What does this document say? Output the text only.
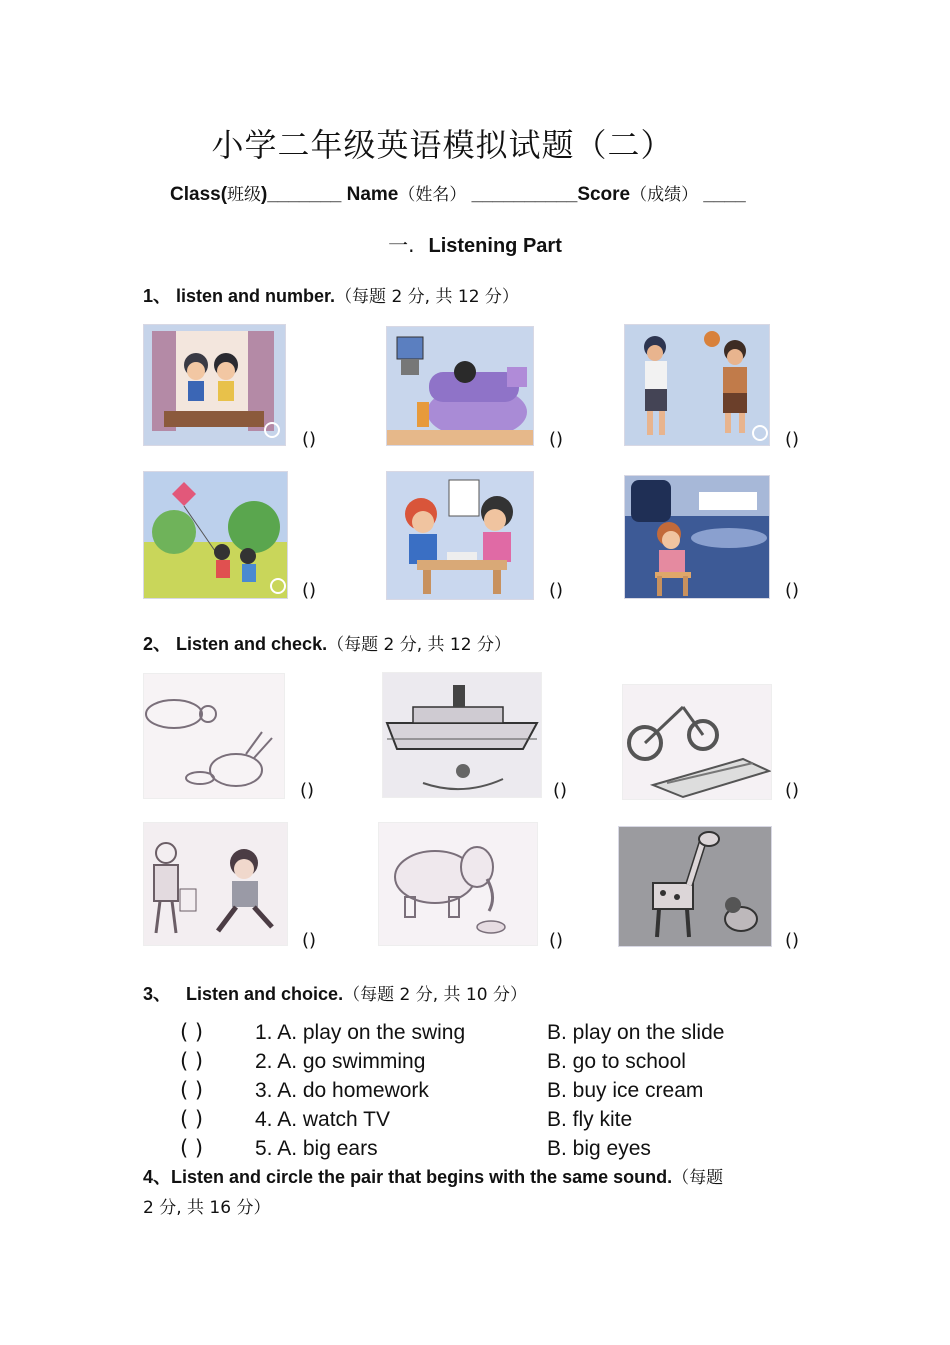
小学二年级英语模拟试题（二）
Class(班级)_______ Name（姓名） __________Score（成绩） ____
一. Listening Part
1、 listen and number.（每题 2 分, 共 12 分）
()	()	()
()	()	()
2、 Listen and check.（每题 2 分, 共 12 分）
()	()	()
()	()	()
3、 Listen and choice.（每题 2 分, 共 10 分）
( ) 1. A. play on the swing	B. play on the slide
( ) 2. A. go swimming	B. go to school
( ) 3. A. do homework	B. buy ice cream
( ) 4. A. watch TV	B. fly kite
( ) 5. A. big ears	B. big eyes
4、Listen and circle the pair that begins with the same sound.（每题
2 分, 共 16 分）
